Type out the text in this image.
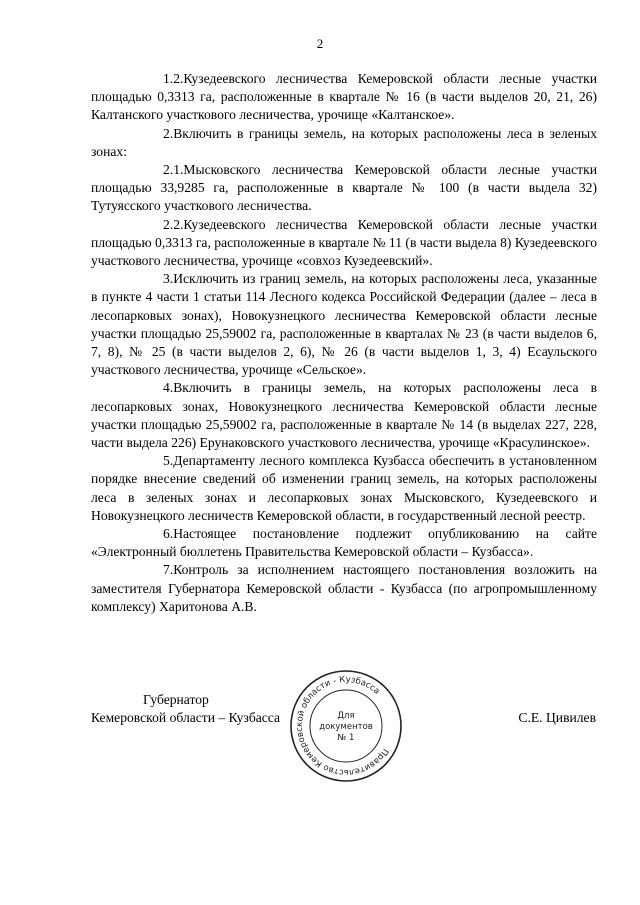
2

1.2.Кузедеевского лесничества Кемеровской области лесные участки площадью 0,3313 га, расположенные в квартале № 16 (в части выделов 20, 21, 26) Калтанского участкового лесничества, урочище «Калтанское».

2.Включить в границы земель, на которых расположены леса в зеленых зонах:

2.1.Мысковского лесничества Кемеровской области лесные участки площадью 33,9285 га, расположенные в квартале № 100 (в части выдела 32) Тутуясского участкового лесничества.

2.2.Кузедеевского лесничества Кемеровской области лесные участки площадью 0,3313 га, расположенные в квартале № 11 (в части выдела 8) Кузедеевского участкового лесничества, урочище «совхоз Кузедеевский».

3.Исключить из границ земель, на которых расположены леса, указанные в пункте 4 части 1 статьи 114 Лесного кодекса Российской Федерации (далее – леса в лесопарковых зонах), Новокузнецкого лесничества Кемеровской области лесные участки площадью 25,59002 га, расположенные в кварталах № 23 (в части выделов 6, 7, 8), № 25 (в части выделов 2, 6), № 26 (в части выделов 1, 3, 4) Есаульского участкового лесничества, урочище «Сельское».

4.Включить в границы земель, на которых расположены леса в лесопарковых зонах, Новокузнецкого лесничества Кемеровской области лесные участки площадью 25,59002 га, расположенные в квартале № 14 (в выделах 227, 228, части выдела 226) Ерунаковского участкового лесничества, урочище «Красулинское».

5.Департаменту лесного комплекса Кузбасса обеспечить в установленном порядке внесение сведений об изменении границ земель, на которых расположены леса в зеленых зонах и лесопарковых зонах Мысковского, Кузедеевского и Новокузнецкого лесничеств Кемеровской области, в государственный лесной реестр.

6.Настоящее постановление подлежит опубликованию на сайте «Электронный бюллетень Правительства Кемеровской области – Кузбасса».

7.Контроль за исполнением настоящего постановления возложить на заместителя Губернатора Кемеровской области - Кузбасса (по агропромышленному комплексу) Харитонова А.В.

Губернатор
Кемеровской области – Кузбасса	С.Е. Цивилев
Правительство Кемеровской области - Кузбасса
Для
документов
№ 1
